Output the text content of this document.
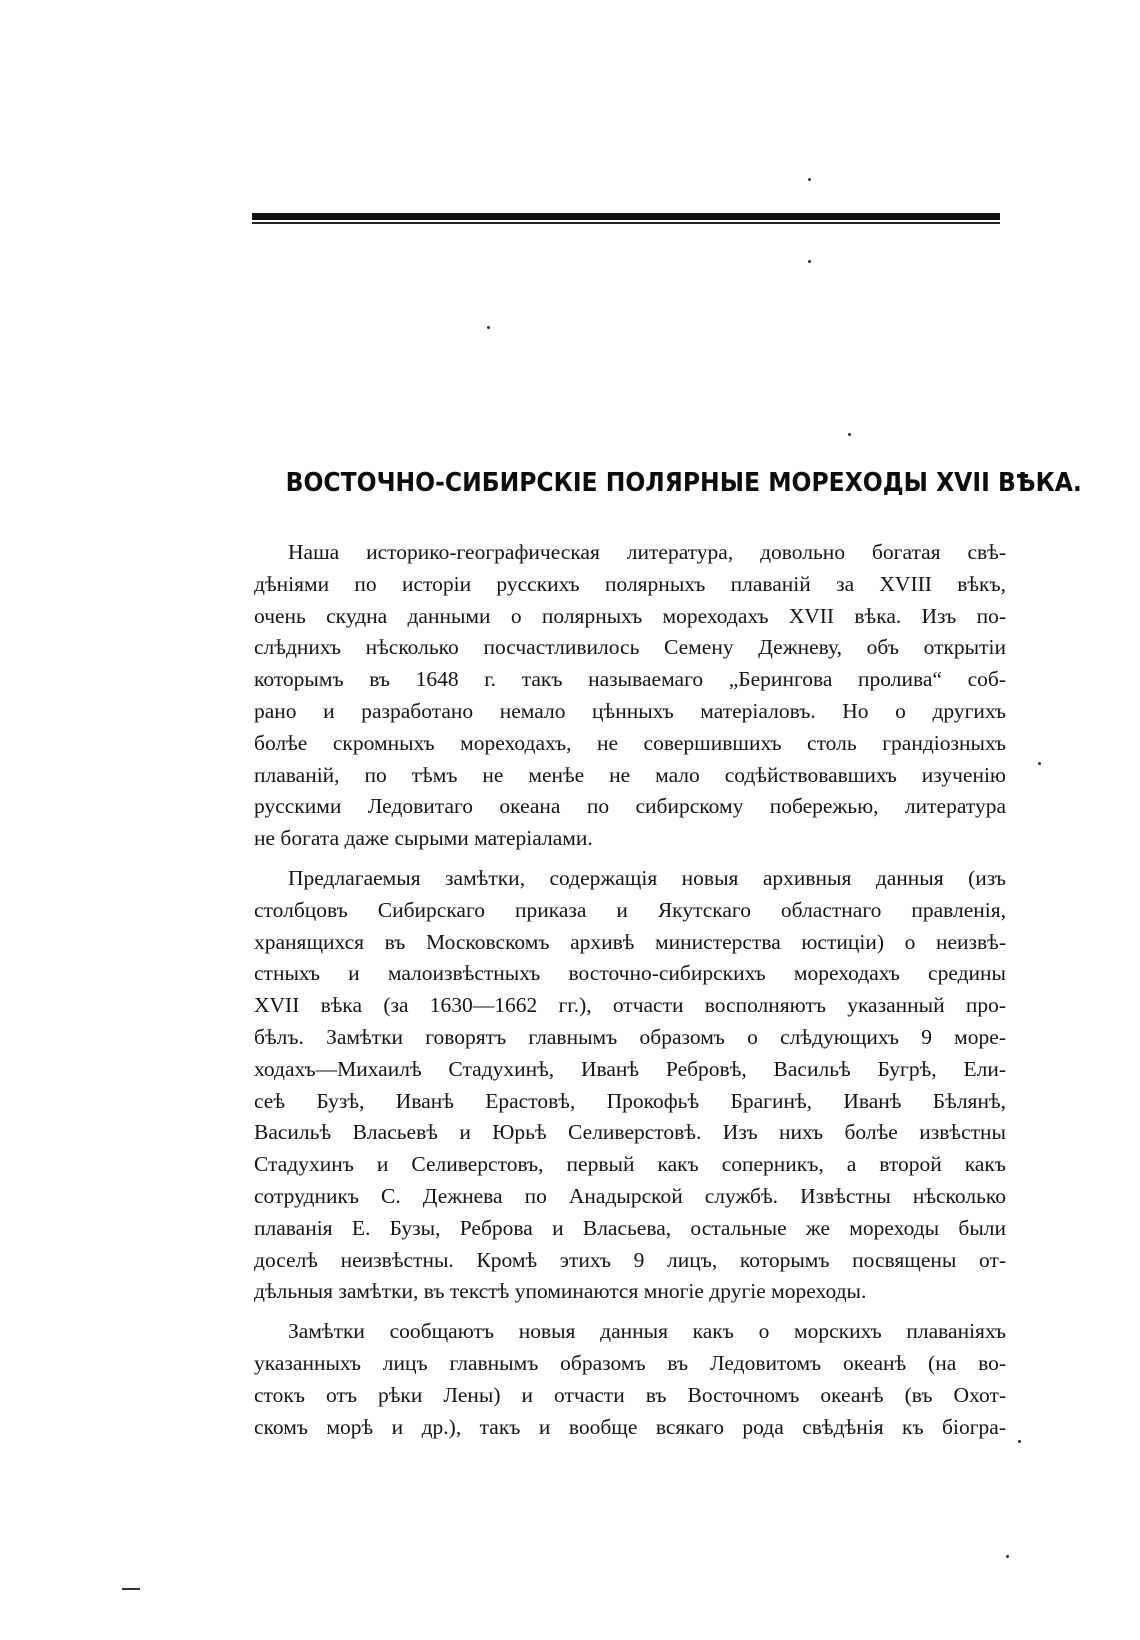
ВОСТОЧНО-СИБИРСКІЕ ПОЛЯРНЫЕ МОРЕХОДЫ XVII ВѢКА.

Наша историко-географическая литература, довольно богатая свѣ-
дѣніями по исторіи русскихъ полярныхъ плаваній за XVIII вѣкъ,
очень скудна данными о полярныхъ мореходахъ XVII вѣка. Изъ по-
слѣднихъ нѣсколько посчастливилось Семену Дежневу, объ открытіи
которымъ въ 1648 г. такъ называемаго „Берингова пролива“ соб-
рано и разработано немало цѣнныхъ матеріаловъ. Но о другихъ
болѣе скромныхъ мореходахъ, не совершившихъ столь грандіозныхъ
плаваній, по тѣмъ не менѣе не мало содѣйствовавшихъ изученію
русскими Ледовитаго океана по сибирскому побережью, литература
не богата даже сырыми матеріалами.

Предлагаемыя замѣтки, содержащія новыя архивныя данныя (изъ
столбцовъ Сибирскаго приказа и Якутскаго областнаго правленія,
хранящихся въ Московскомъ архивѣ министерства юстиціи) о неизвѣ-
стныхъ и малоизвѣстныхъ восточно-сибирскихъ мореходахъ средины
XVII вѣка (за 1630—1662 гг.), отчасти восполняютъ указанный про-
бѣлъ. Замѣтки говорятъ главнымъ образомъ о слѣдующихъ 9 море-
ходахъ—Михаилѣ Стадухинѣ, Иванѣ Ребровѣ, Васильѣ Бугрѣ, Ели-
сеѣ Бузѣ, Иванѣ Ерастовѣ, Прокофьѣ Брагинѣ, Иванѣ Бѣлянѣ,
Васильѣ Власьевѣ и Юрьѣ Селиверстовѣ. Изъ нихъ болѣе извѣстны
Стадухинъ и Селиверстовъ, первый какъ соперникъ, а второй какъ
сотрудникъ С. Дежнева по Анадырской службѣ. Извѣстны нѣсколько
плаванія Е. Бузы, Реброва и Власьева, остальные же мореходы были
доселѣ неизвѣстны. Кромѣ этихъ 9 лицъ, которымъ посвящены от-
дѣльныя замѣтки, въ текстѣ упоминаются многіе другіе мореходы.

Замѣтки сообщаютъ новыя данныя какъ о морскихъ плаваніяхъ
указанныхъ лицъ главнымъ образомъ въ Ледовитомъ океанѣ (на во-
стокъ отъ рѣки Лены) и отчасти въ Восточномъ океанѣ (въ Охот-
скомъ морѣ и др.), такъ и вообще всякаго рода свѣдѣнія къ біогра-
